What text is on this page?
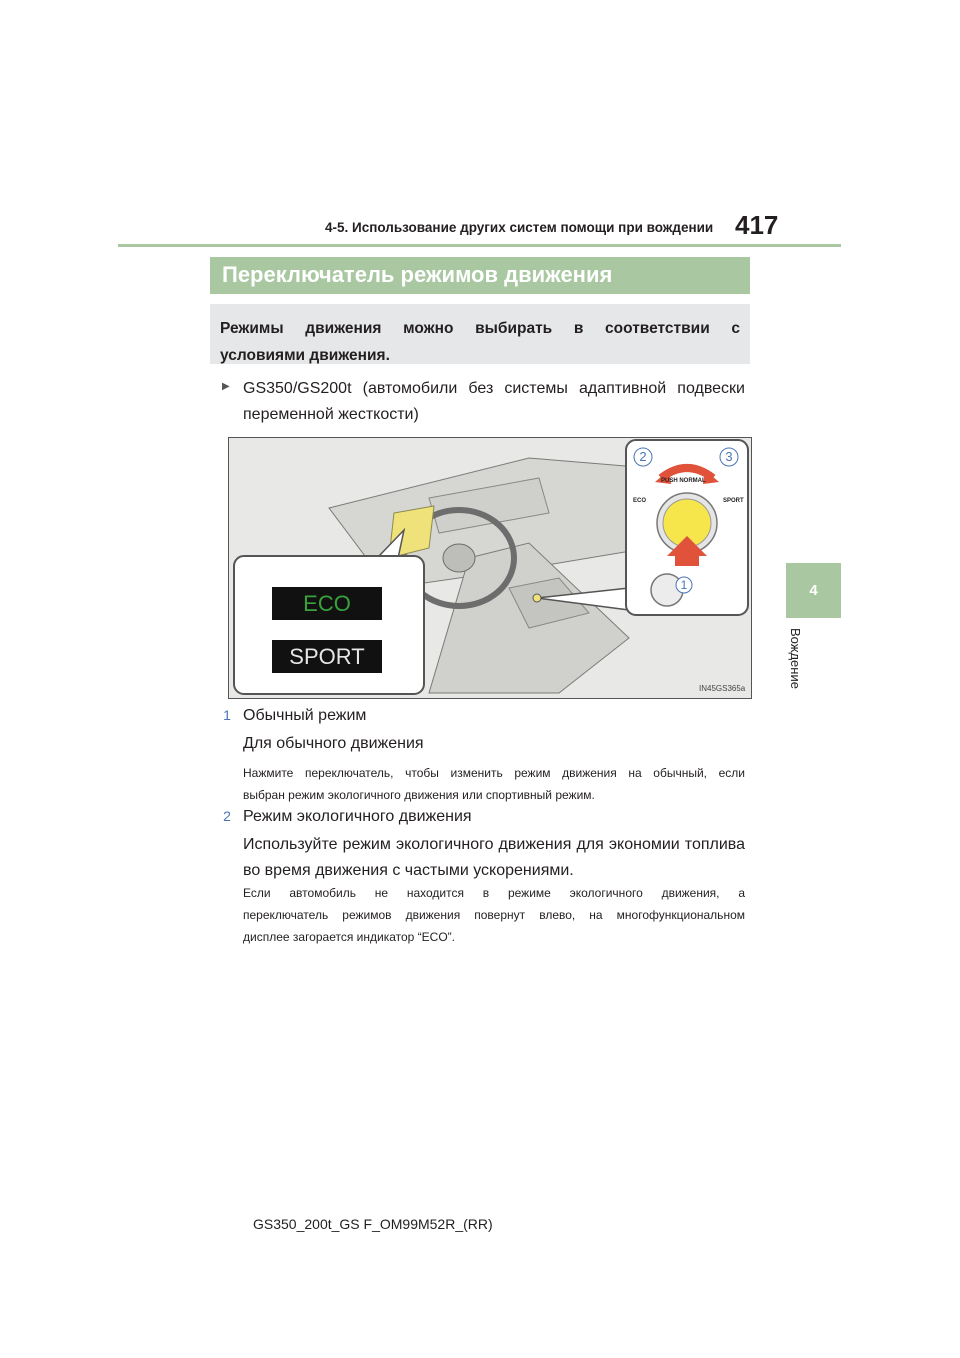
4-5. Использование других систем помощи при вождении 417
4
Вождение
Переключатель режимов движения

Режимы движения можно выбирать в соответствии с
условиями движения.

▶ GS350/GS200t (автомобили без системы адаптивной подвески
переменной жесткости)
ECO
SPORT
PUSH NORMAL
ECO	SPORT
2	3
1
IN45GS365a
1 Обычный режим
Для обычного движения
Нажмите переключатель, чтобы изменить режим движения на обычный, если
выбран режим экологичного движения или спортивный режим.
2 Режим экологичного движения
Используйте режим экологичного движения для экономии топлива
во время движения с частыми ускорениями.
Если автомобиль не находится в режиме экологичного движения, а
переключатель режимов движения повернут влево, на многофункциональном
дисплее загорается индикатор “ECO”.
GS350_200t_GS F_OM99M52R_(RR)
